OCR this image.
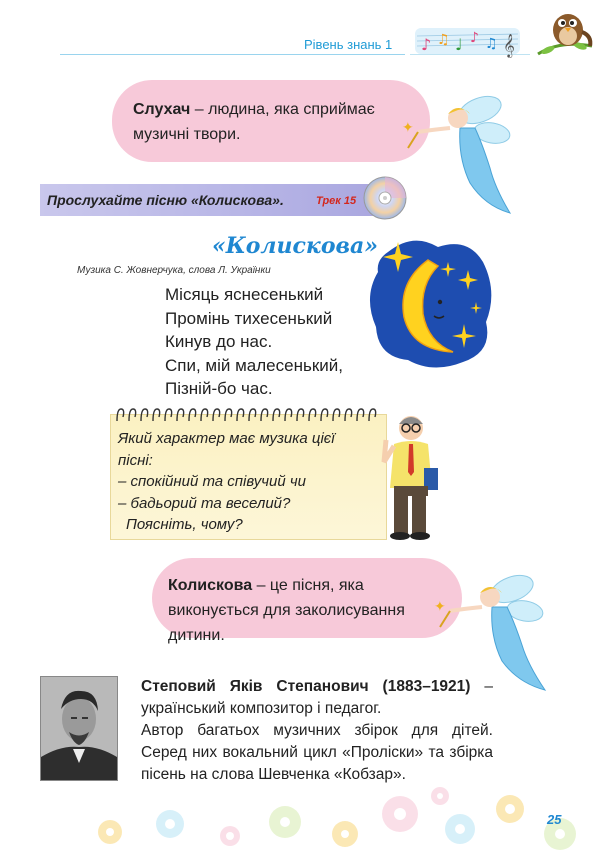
Рівень знань 1 ♪ ♫ ♩ ♪ ♫ 𝄞
Слухач – людина, яка сприймає музичні твори.	✦
Прослухайте пісню «Колискова».	Трек 15
«Колискова»
Музика С. Жовнерчука, слова Л. Українки
Місяць яснесенький
Промінь тихесенький
Кинув до нас.
Спи, мій малесенький,
Пізній-бо час.
Який характер має музика цієї
пісні:
– спокійний та співучий чи
– бадьорий та веселий?
Поясніть, чому?
Колискова – це пісня, яка виконується для заколисування дитини.
✦

Степовий Яків Степанович (1883–1921) – український композитор і педагог.

Автор багатьох музичних збірок для дітей. Серед них вокальний цикл «Проліски» та збірка пісень на слова Шевченка «Кобзар».

25
